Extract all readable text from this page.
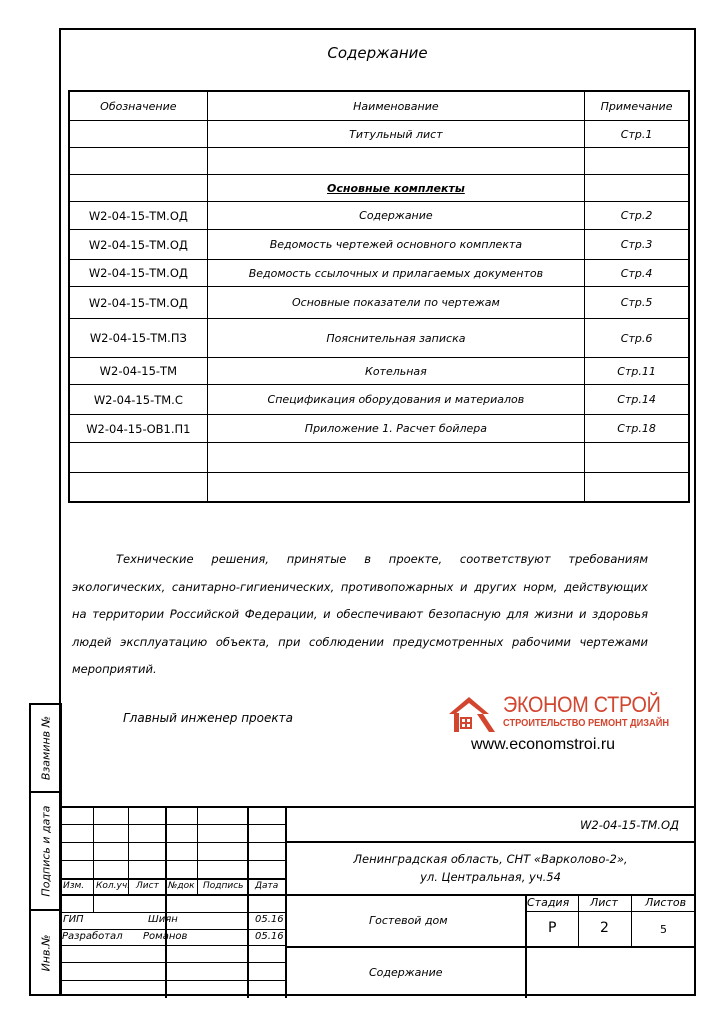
Содержание
Обозначение	Наименование	Примечание
	Титульный лист	Стр.1

	Основные комплекты	
W2-04-15-ТМ.ОД	Содержание	Стр.2
W2-04-15-ТМ.ОД	Ведомость чертежей основного комплекта	Стр.3
W2-04-15-ТМ.ОД	Ведомость ссылочных и прилагаемых документов	Стр.4
W2-04-15-ТМ.ОД	Основные показатели по чертежам	Стр.5
W2-04-15-ТМ.ПЗ	Пояснительная записка	Стр.6
W2-04-15-ТМ	Котельная	Стр.11
W2-04-15-ТМ.С	Спецификация оборудования и материалов	Стр.14
W2-04-15-ОВ1.П1	Приложение 1. Расчет бойлера	Стр.18

Технические решения, принятые в проекте, соответствуют требованиям экологических, санитарно-гигиенических, противопожарных и других норм, действующих на территории Российской Федерации, и обеспечивают безопасную для жизни и здоровья людей эксплуатацию объекта, при соблюдении предусмотренных рабочими чертежами мероприятий.
Главный инженер проекта
ЭКОНОМ СТРОЙ
СТРОИТЕЛЬСТВО РЕМОНТ ДИЗАЙН
www.economstroi.ru
Взаминв №
Подпись и дата
Инв.№
W2-04-15-ТМ.ОД
Ленинградская область, СНТ «Варколово-2»,
ул. Центральная, уч.54
Изм. Кол.уч. Лист №док Подпись Дата
ГИП	Шиян	05.16
Разработал Романов	05.16
Гостевой дом
Содержание
Стадия Лист Листов
Р	2	5
